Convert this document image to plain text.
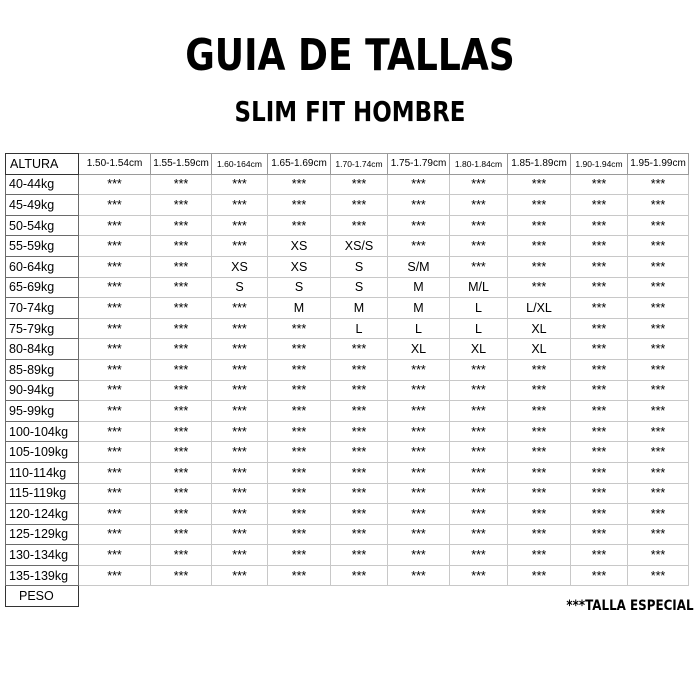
GUIA DE TALLAS
SLIM FIT HOMBRE
ALTURA	1.50-1.54cm	1.55-1.59cm	1.60-164cm	1.65-1.69cm	1.70-1.74cm	1.75-1.79cm	1.80-1.84cm	1.85-1.89cm	1.90-1.94cm	1.95-1.99cm
40-44kg	***	***	***	***	***	***	***	***	***	***
45-49kg	***	***	***	***	***	***	***	***	***	***
50-54kg	***	***	***	***	***	***	***	***	***	***
55-59kg	***	***	***	XS	XS/S	***	***	***	***	***
60-64kg	***	***	XS	XS	S	S/M	***	***	***	***
65-69kg	***	***	S	S	S	M	M/L	***	***	***
70-74kg	***	***	***	M	M	M	L	L/XL	***	***
75-79kg	***	***	***	***	L	L	L	XL	***	***
80-84kg	***	***	***	***	***	XL	XL	XL	***	***
85-89kg	***	***	***	***	***	***	***	***	***	***
90-94kg	***	***	***	***	***	***	***	***	***	***
95-99kg	***	***	***	***	***	***	***	***	***	***
100-104kg	***	***	***	***	***	***	***	***	***	***
105-109kg	***	***	***	***	***	***	***	***	***	***
110-114kg	***	***	***	***	***	***	***	***	***	***
115-119kg	***	***	***	***	***	***	***	***	***	***
120-124kg	***	***	***	***	***	***	***	***	***	***
125-129kg	***	***	***	***	***	***	***	***	***	***
130-134kg	***	***	***	***	***	***	***	***	***	***
135-139kg	***	***	***	***	***	***	***	***	***	***
PESO										
***TALLA ESPECIAL
